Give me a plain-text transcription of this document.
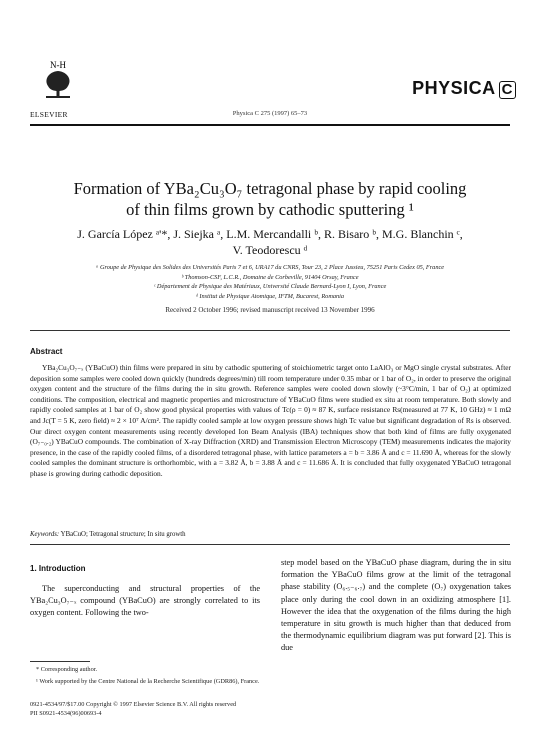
N-H
ELSEVIER	Physica C 275 (1997) 65–73
PHYSICA C
Formation of YBa₂Cu₃O₇ tetragonal phase by rapid cooling
of thin films grown by cathodic sputtering ¹
J. García López ᵃ'*, J. Siejka ᵃ, L.M. Mercandalli ᵇ, R. Bisaro ᵇ, M.G. Blanchin ᶜ,
V. Teodorescu ᵈ
ᵃ Groupe de Physique des Solides des Universités Paris 7 et 6, URA17 du CNRS, Tour 23, 2 Place Jussieu, 75251 Paris Cedex 05, France
ᵇ Thomson-CSF, L.C.R., Domaine de Corbeville, 91404 Orsay, France
ᶜ Département de Physique des Matériaux, Université Claude Bernard-Lyon I, Lyon, France
ᵈ Institut de Physique Atomique, IFTM, Bucarest, Romania
Received 2 October 1996; revised manuscript received 13 November 1996
Abstract
YBa₂Cu₃O₇₋ₓ (YBaCuO) thin films were prepared in situ by cathodic sputtering of stoichiometric target onto LaAlO₃ or MgO single crystal substrates. After deposition some samples were cooled down quickly (hundreds degrees/min) till room temperature under 0.35 mbar or 1 bar of O₂, in order to preserve the original oxygen content and the structure of the films during the in situ growth. Reference samples were cooled down slowly (~3°C/min, 1 bar of O₂) at optimized conditions. The composition, electrical and magnetic properties and microstructure of YBaCuO films were studied ex situ at room temperature. Both slowly and rapidly cooled samples at 1 bar of O₂ show good physical properties with values of Tc(ρ = 0) ≈ 87 K, surface resistance Rs(measured at 77 K, 10 GHz) ≈ 1 mΩ and Jc(T = 5 K, zero field) ≈ 2 × 10⁷ A/cm². The rapidly cooled sample at low oxygen pressure shows high Tc value but significant degradation of Rs is observed. Our direct oxygen content measurements using recently developed Ion Beam Analysis (IBA) techniques show that both kind of films are fully oxygenated (O₇₋₀.₂) YBaCuO compounds. The combination of X-ray Diffraction (XRD) and Transmission Electron Microscopy (TEM) measurements indicates the majority presence, in the case of the rapidly cooled films, of a disordered tetragonal phase, with lattice parameters a = b = 3.86 Å and c = 11.690 Å, whereas for the slowly cooled samples the dominant structure is orthorhombic, with a = 3.82 Å, b = 3.88 Å and c = 11.686 Å. It is concluded that fully oxygenated YBaCuO tetragonal phase is growing during cathodic deposition.
Keywords: YBaCuO; Tetragonal structure; In situ growth
1. Introduction
The superconducting and structural properties of the YBa₂Cu₃O₇₋ₓ compound (YBaCuO) are strongly correlated to its oxygen content. Following the two-
step model based on the YBaCuO phase diagram, during the in situ formation the YBaCuO films grow at the limit of the tetragonal phase stability (O₆.₅₋₆.₇) and the complete (O₇) oxygenation takes place only during the cool down in an oxidizing atmosphere [1]. However the idea that the oxygenation of the films during the high temperature in situ growth is much higher than that deduced from the thermodynamic equilibrium diagram was put forward [2]. This is due

* Corresponding author.

¹ Work supported by the Centre National de la Recherche Scientifique (GDR86), France.

0921-4534/97/$17.00 Copyright © 1997 Elsevier Science B.V. All rights reserved
PII S0921-4534(96)00693-4
